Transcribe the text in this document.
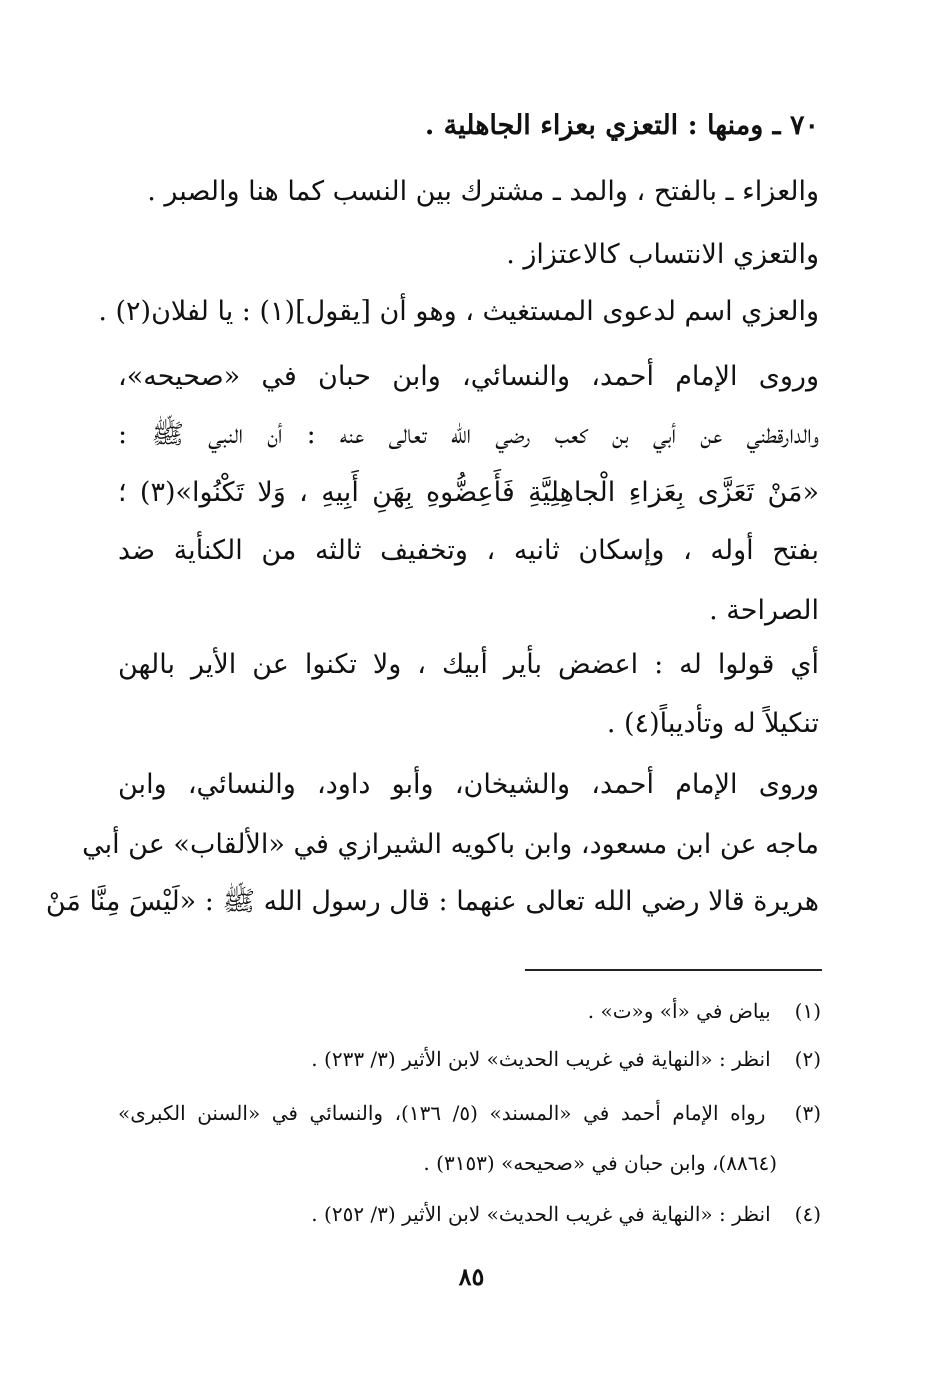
٧٠ ـ ومنها : التعزي بعزاء الجاهلية .
والعزاء ـ بالفتح ، والمد ـ مشترك بين النسب كما هنا والصبر .
والتعزي الانتساب كالاعتزاز .
والعزي اسم لدعوى المستغيث ، وهو أن [يقول](١) : يا لفلان(٢) .
وروى الإمام أحمد، والنسائي، وابن حبان في «صحيحه»،
والدارقطني عن أبي بن كعب رضي الله تعالى عنه : أن النبي ﷺ :
«مَنْ تَعَزَّى بِعَزاءِ الْجاهِلِيَّةِ فَأَعِضُّوهِ بِهَنِ أَبِيهِ ، وَلا تَكْنُوا»(٣) ؛
بفتح أوله ، وإسكان ثانيه ، وتخفيف ثالثه من الكنأية ضد
الصراحة .
أي قولوا له : اعضض بأير أبيك ، ولا تكنوا عن الأير بالهن
تنكيلاً له وتأديباً(٤) .
وروى الإمام أحمد، والشيخان، وأبو داود، والنسائي، وابن
ماجه عن ابن مسعود، وابن باكويه الشيرازي في «الألقاب» عن أبي
هريرة قالا رضي الله تعالى عنهما : قال رسول الله ﷺ : «لَيْسَ مِنَّا مَنْ
(١) بياض في «أ» و«ت» .
(٢) انظر : «النهاية في غريب الحديث» لابن الأثير (٣/ ٢٣٣) .
(٣) رواه الإمام أحمد في «المسند» (٥/ ١٣٦)، والنسائي في «السنن الكبرى»
(٨٨٦٤)، وابن حبان في «صحيحه» (٣١٥٣) .
(٤) انظر : «النهاية في غريب الحديث» لابن الأثير (٣/ ٢٥٢) .
٨٥
